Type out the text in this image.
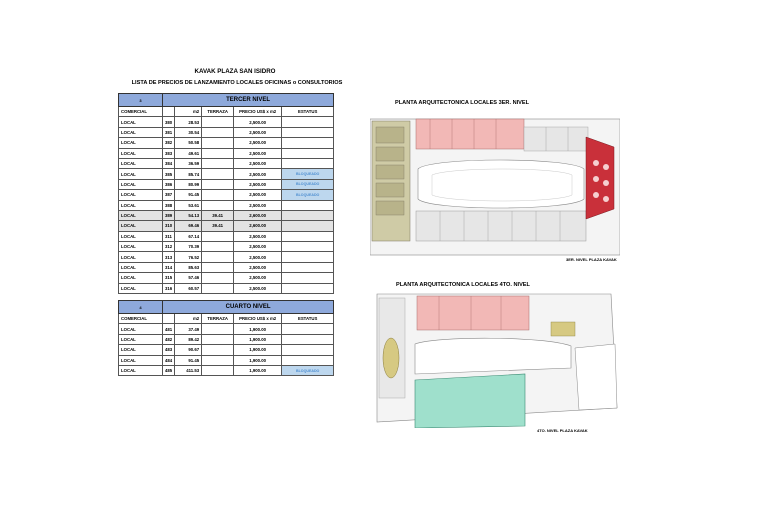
KAVAK PLAZA SAN ISIDRO
LISTA DE PRECIOS DE LANZAMIENTO LOCALES OFICINAS o CONSULTORIOS
3	TERCER NIVEL				
COMERCIAL		m2	TERRAZA	PRECIO US$ x m2	ESTATUS
LOCAL	380	28.53		2,500.00	
LOCAL	381	30.54		2,500.00	
LOCAL	382	50.58		2,500.00	
LOCAL	383	49.61		2,500.00	
LOCAL	384	36.59		2,500.00	
LOCAL	385	85.74		2,500.00	BLOQUEADO
LOCAL	386	80.99		2,500.00	BLOQUEADO
LOCAL	387	91.45		2,500.00	BLOQUEADO
LOCAL	388	53.61		2,500.00	
LOCAL	389	54.13	39.41	2,600.00	
LOCAL	310	69.46	39.41	2,600.00	
LOCAL	311	67.14		2,500.00	
LOCAL	312	70.39		2,500.00	
LOCAL	313	76.52		2,500.00	
LOCAL	314	85.63		2,500.00	
LOCAL	315	57.46		2,500.00	
LOCAL	316	60.57		2,500.00	
4	CUARTO NIVEL				
COMERCIAL		m2	TERRAZA	PRECIO US$ x m2	ESTATUS
LOCAL	481	37.49		1,900.00	
LOCAL	482	89.42		1,900.00	
LOCAL	483	90.67		1,900.00	
LOCAL	484	91.45		1,900.00	
LOCAL	485	411.53		1,900.00	BLOQUEADO
PLANTA ARQUITECTONICA LOCALES 3ER. NIVEL
3ER. NIVEL PLAZA KAVAK
PLANTA ARQUITECTONICA LOCALES 4TO. NIVEL
4TO. NIVEL PLAZA KAVAK
